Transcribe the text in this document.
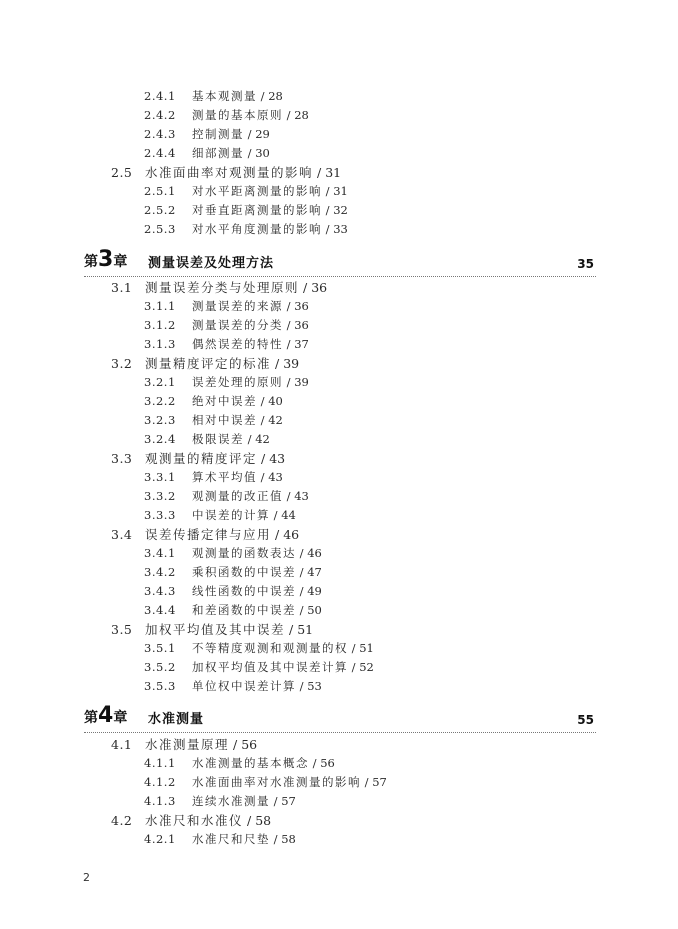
2.4.1 基本观测量 / 28
2.4.2 测量的基本原则 / 28
2.4.3 控制测量 / 29
2.4.4 细部测量 / 30
2.5 水准面曲率对观测量的影响 / 31
2.5.1 对水平距离测量的影响 / 31
2.5.2 对垂直距离测量的影响 / 32
2.5.3 对水平角度测量的影响 / 33
第3章 测量误差及处理方法	35
3.1 测量误差分类与处理原则 / 36
3.1.1 测量误差的来源 / 36
3.1.2 测量误差的分类 / 36
3.1.3 偶然误差的特性 / 37
3.2 测量精度评定的标准 / 39
3.2.1 误差处理的原则 / 39
3.2.2 绝对中误差 / 40
3.2.3 相对中误差 / 42
3.2.4 极限误差 / 42
3.3 观测量的精度评定 / 43
3.3.1 算术平均值 / 43
3.3.2 观测量的改正值 / 43
3.3.3 中误差的计算 / 44
3.4 误差传播定律与应用 / 46
3.4.1 观测量的函数表达 / 46
3.4.2 乘积函数的中误差 / 47
3.4.3 线性函数的中误差 / 49
3.4.4 和差函数的中误差 / 50
3.5 加权平均值及其中误差 / 51
3.5.1 不等精度观测和观测量的权 / 51
3.5.2 加权平均值及其中误差计算 / 52
3.5.3 单位权中误差计算 / 53
第4章 水准测量	55
4.1 水准测量原理 / 56
4.1.1 水准测量的基本概念 / 56
4.1.2 水准面曲率对水准测量的影响 / 57
4.1.3 连续水准测量 / 57
4.2 水准尺和水准仪 / 58
4.2.1 水准尺和尺垫 / 58
2
